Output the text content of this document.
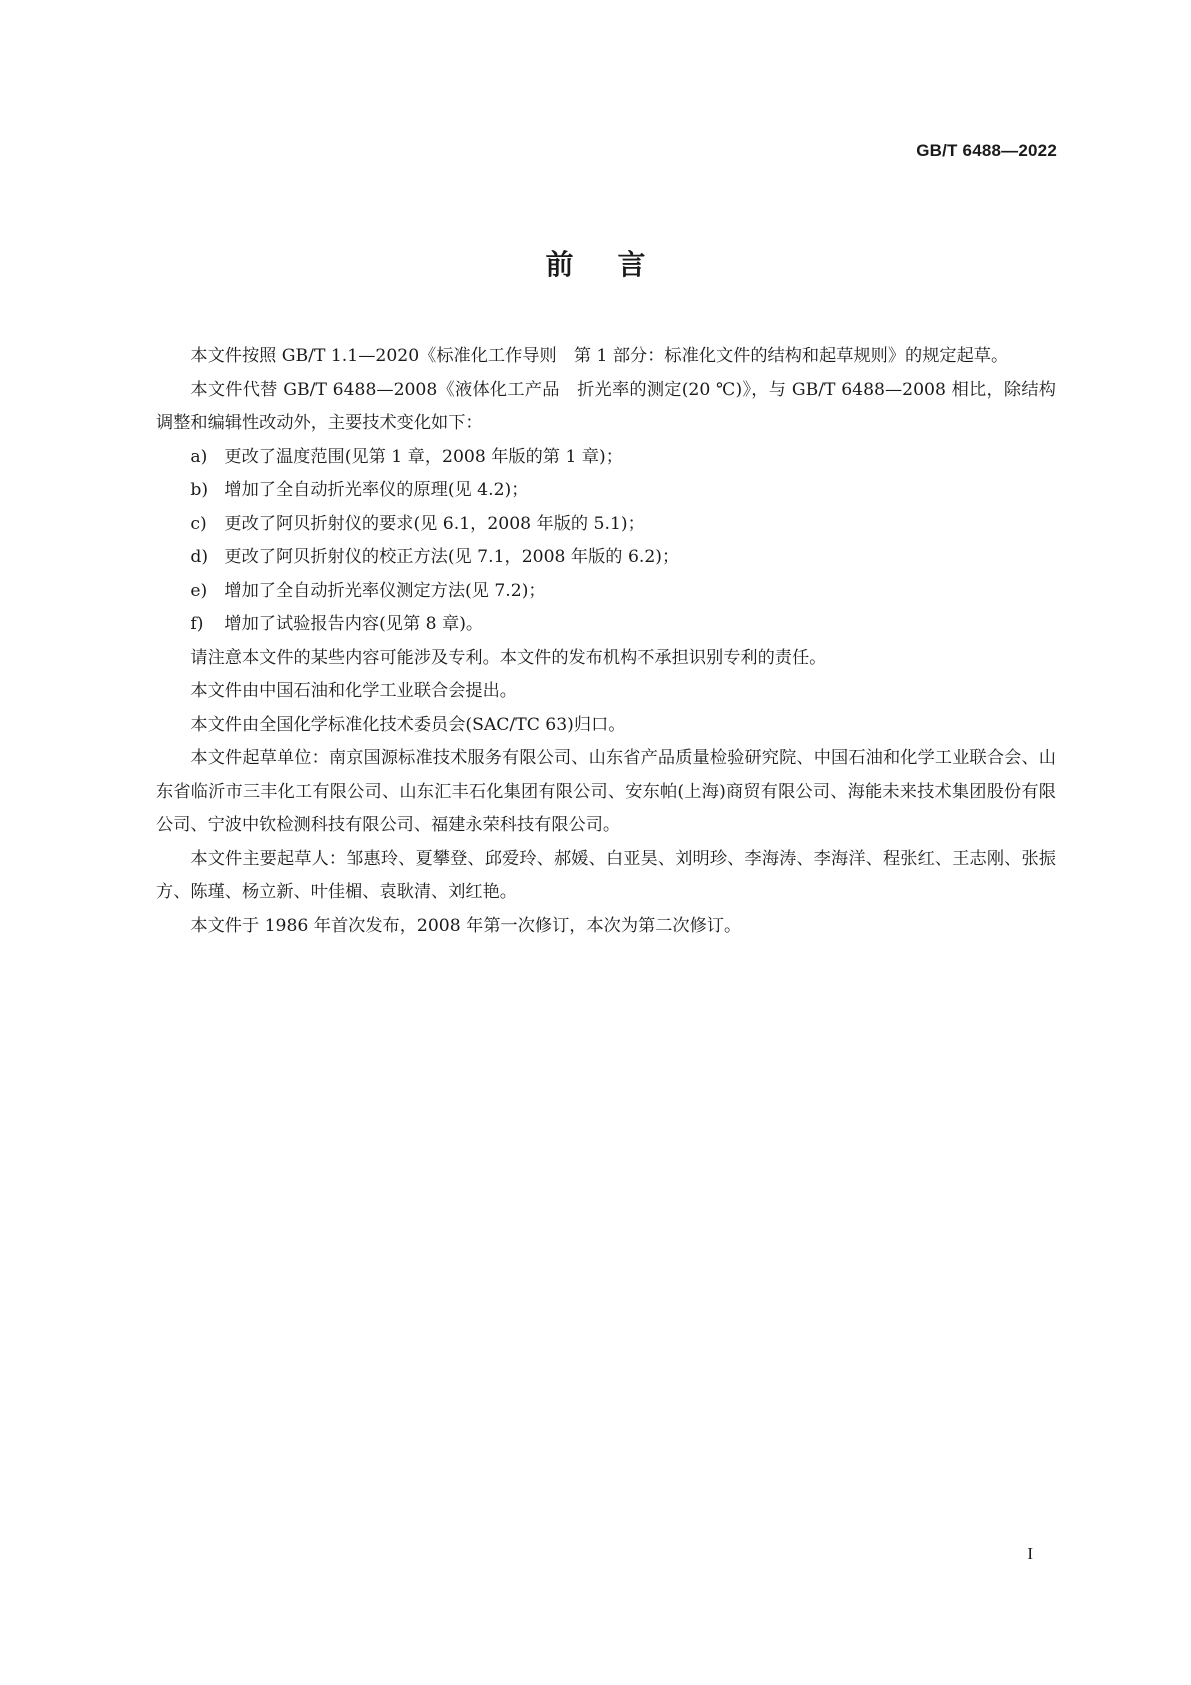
GB/T 6488—2022
前言

本文件按照 GB/T 1.1—2020《标准化工作导则　第 1 部分：标准化文件的结构和起草规则》的规定起草。

本文件代替 GB/T 6488—2008《液体化工产品　折光率的测定(20 ℃)》，与 GB/T 6488—2008 相比，除结构调整和编辑性改动外，主要技术变化如下：

a) 更改了温度范围(见第 1 章，2008 年版的第 1 章)；

b) 增加了全自动折光率仪的原理(见 4.2)；

c) 更改了阿贝折射仪的要求(见 6.1，2008 年版的 5.1)；

d) 更改了阿贝折射仪的校正方法(见 7.1，2008 年版的 6.2)；

e) 增加了全自动折光率仪测定方法(见 7.2)；

f) 增加了试验报告内容(见第 8 章)。

请注意本文件的某些内容可能涉及专利。本文件的发布机构不承担识别专利的责任。

本文件由中国石油和化学工业联合会提出。

本文件由全国化学标准化技术委员会(SAC/TC 63)归口。

本文件起草单位：南京国源标准技术服务有限公司、山东省产品质量检验研究院、中国石油和化学工业联合会、山东省临沂市三丰化工有限公司、山东汇丰石化集团有限公司、安东帕(上海)商贸有限公司、海能未来技术集团股份有限公司、宁波中钦检测科技有限公司、福建永荣科技有限公司。

本文件主要起草人：邹惠玲、夏攀登、邱爱玲、郝媛、白亚昊、刘明珍、李海涛、李海洋、程张红、王志刚、张振方、陈瑾、杨立新、叶佳楣、袁耿清、刘红艳。

本文件于 1986 年首次发布，2008 年第一次修订，本次为第二次修订。

I
